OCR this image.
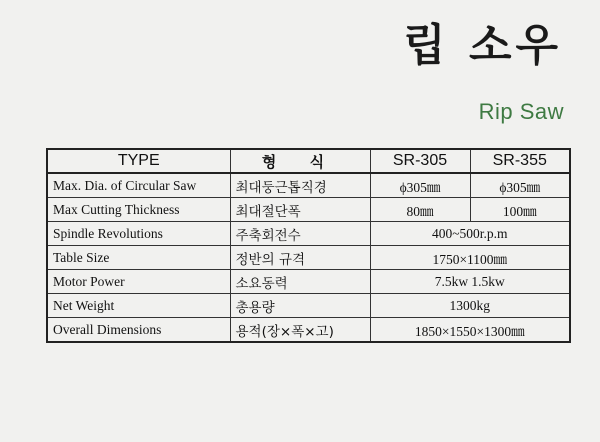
립 소우
Rip Saw
TYPE	형 식	SR-305	SR-355
Max. Dia. of Circular Saw	최대둥근톱직경	ϕ305㎜	ϕ305㎜
Max Cutting Thickness	최대절단폭	80㎜	100㎜
Spindle Revolutions	주축회전수	400~500r.p.m	
Table Size	정반의 규격	1750×1100㎜	
Motor Power	소요동력	7.5kw 1.5kw	
Net Weight	총용량	1300kg	
Overall Dimensions	용적(장×폭×고)	1850×1550×1300㎜	
